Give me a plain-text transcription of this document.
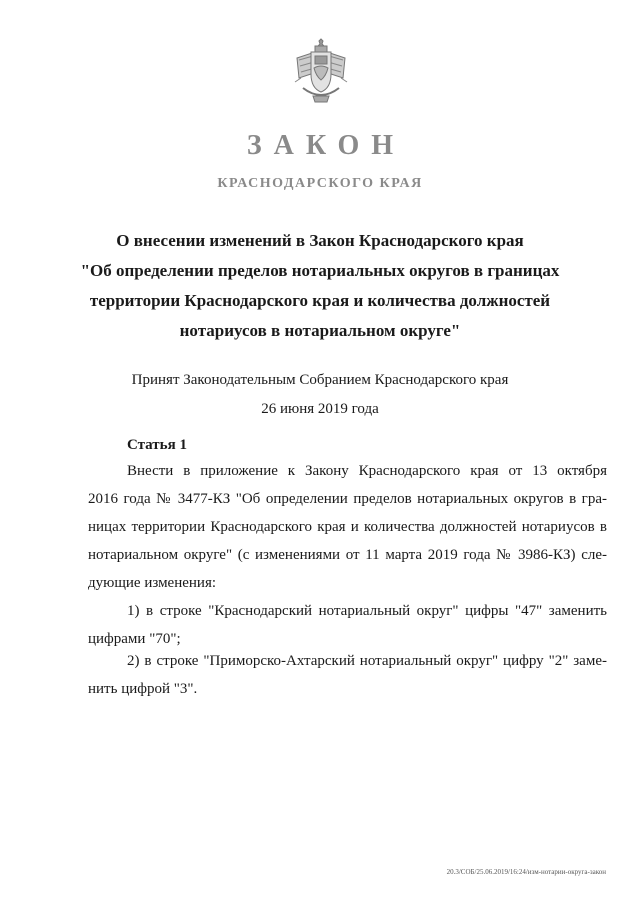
ЗАКОН
КРАСНОДАРСКОГО КРАЯ
О внесении изменений в Закон Краснодарского края
"Об определении пределов нотариальных округов в границах
территории Краснодарского края и количества должностей
нотариусов в нотариальном округе"
Принят Законодательным Собранием Краснодарского края
26 июня 2019 года
Статья 1
Внести в приложение к Закону Краснодарского края от 13 октября
2016 года № 3477-КЗ "Об определении пределов нотариальных округов в гра-
ницах территории Краснодарского края и количества должностей нотариусов в
нотариальном округе" (с изменениями от 11 марта 2019 года № 3986-КЗ) сле-
дующие изменения:
1) в строке "Краснодарский нотариальный округ" цифры "47" заменить
цифрами "70";
2) в строке "Приморско-Ахтарский нотариальный округ" цифру "2" заме-
нить цифрой "3".
20.3/СОБ/25.06.2019/16:24/изм-нотарии-округа-закон
